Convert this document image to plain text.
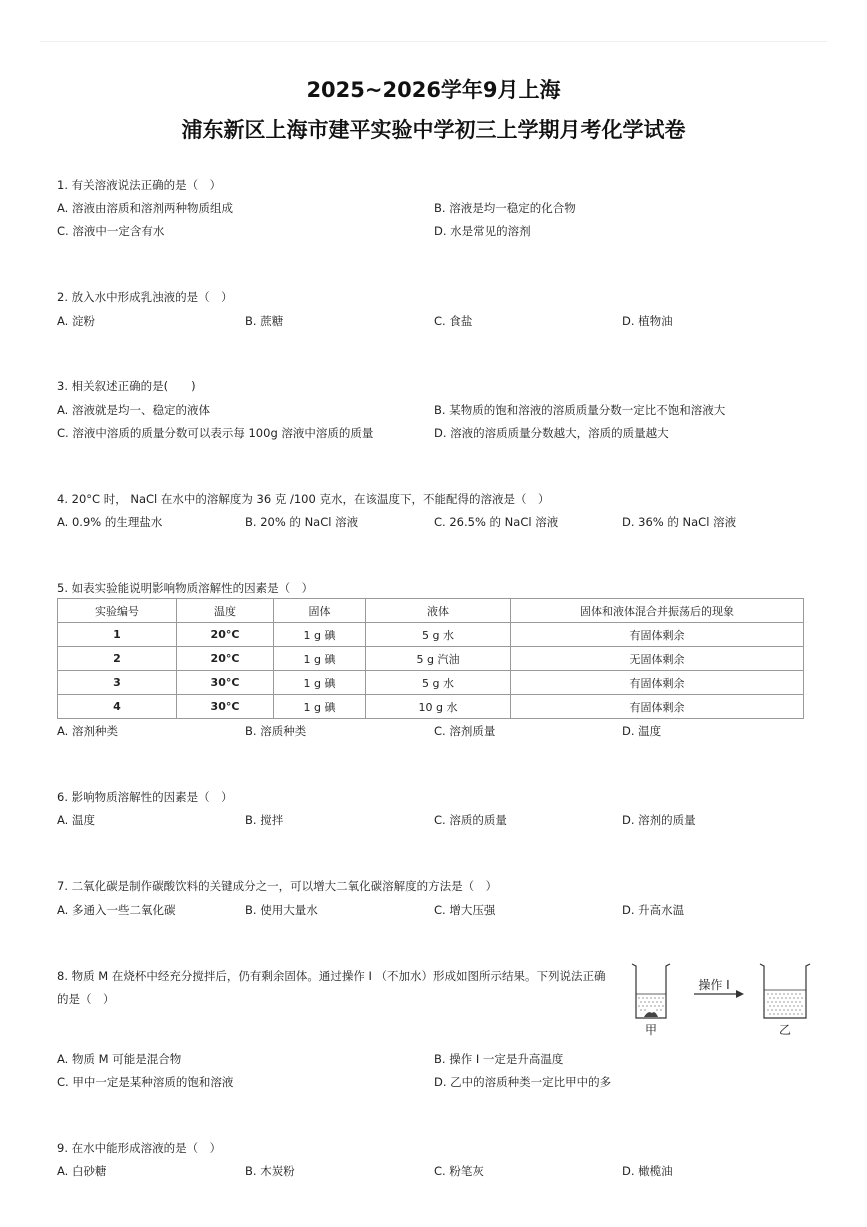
2025~2026学年9月上海
浦东新区上海市建平实验中学初三上学期月考化学试卷
1. 有关溶液说法正确的是（　）
A. 溶液由溶质和溶剂两种物质组成	B. 溶液是均一稳定的化合物
C. 溶液中一定含有水	D. 水是常见的溶剂
2. 放入水中形成乳浊液的是（　）
A. 淀粉	B. 蔗糖	C. 食盐	D. 植物油
3. 相关叙述正确的是(　　)
A. 溶液就是均一、稳定的液体	B. 某物质的饱和溶液的溶质质量分数一定比不饱和溶液大
C. 溶液中溶质的质量分数可以表示每 100g 溶液中溶质的质量	D. 溶液的溶质质量分数越大，溶质的质量越大
4. 20°C 时， NaCl 在水中的溶解度为 36 克 /100 克水，在该温度下，不能配得的溶液是（　）
A. 0.9% 的生理盐水	B. 20% 的 NaCl 溶液	C. 26.5% 的 NaCl 溶液	D. 36% 的 NaCl 溶液
5. 如表实验能说明影响物质溶解性的因素是（　）
实验编号	温度	固体	液体	固体和液体混合并振荡后的现象
1	20°C	1 g 碘	5 g 水	有固体剩余
2	20°C	1 g 碘	5 g 汽油	无固体剩余
3	30°C	1 g 碘	5 g 水	有固体剩余
4	30°C	1 g 碘	10 g 水	有固体剩余
A. 溶剂种类	B. 溶质种类	C. 溶剂质量	D. 温度
6. 影响物质溶解性的因素是（　）
A. 温度	B. 搅拌	C. 溶质的质量	D. 溶剂的质量
7. 二氧化碳是制作碳酸饮料的关键成分之一，可以增大二氧化碳溶解度的方法是（　）
A. 多通入一些二氧化碳	B. 使用大量水	C. 增大压强	D. 升高水温
8. 物质 M 在烧杯中经充分搅拌后，仍有剩余固体。通过操作 I （不加水）形成如图所示结果。下列说法正确
的是（　）
甲
操作 I
乙
A. 物质 M 可能是混合物	B. 操作 I 一定是升高温度
C. 甲中一定是某种溶质的饱和溶液	D. 乙中的溶质种类一定比甲中的多
9. 在水中能形成溶液的是（　）
A. 白砂糖	B. 木炭粉	C. 粉笔灰	D. 橄榄油
